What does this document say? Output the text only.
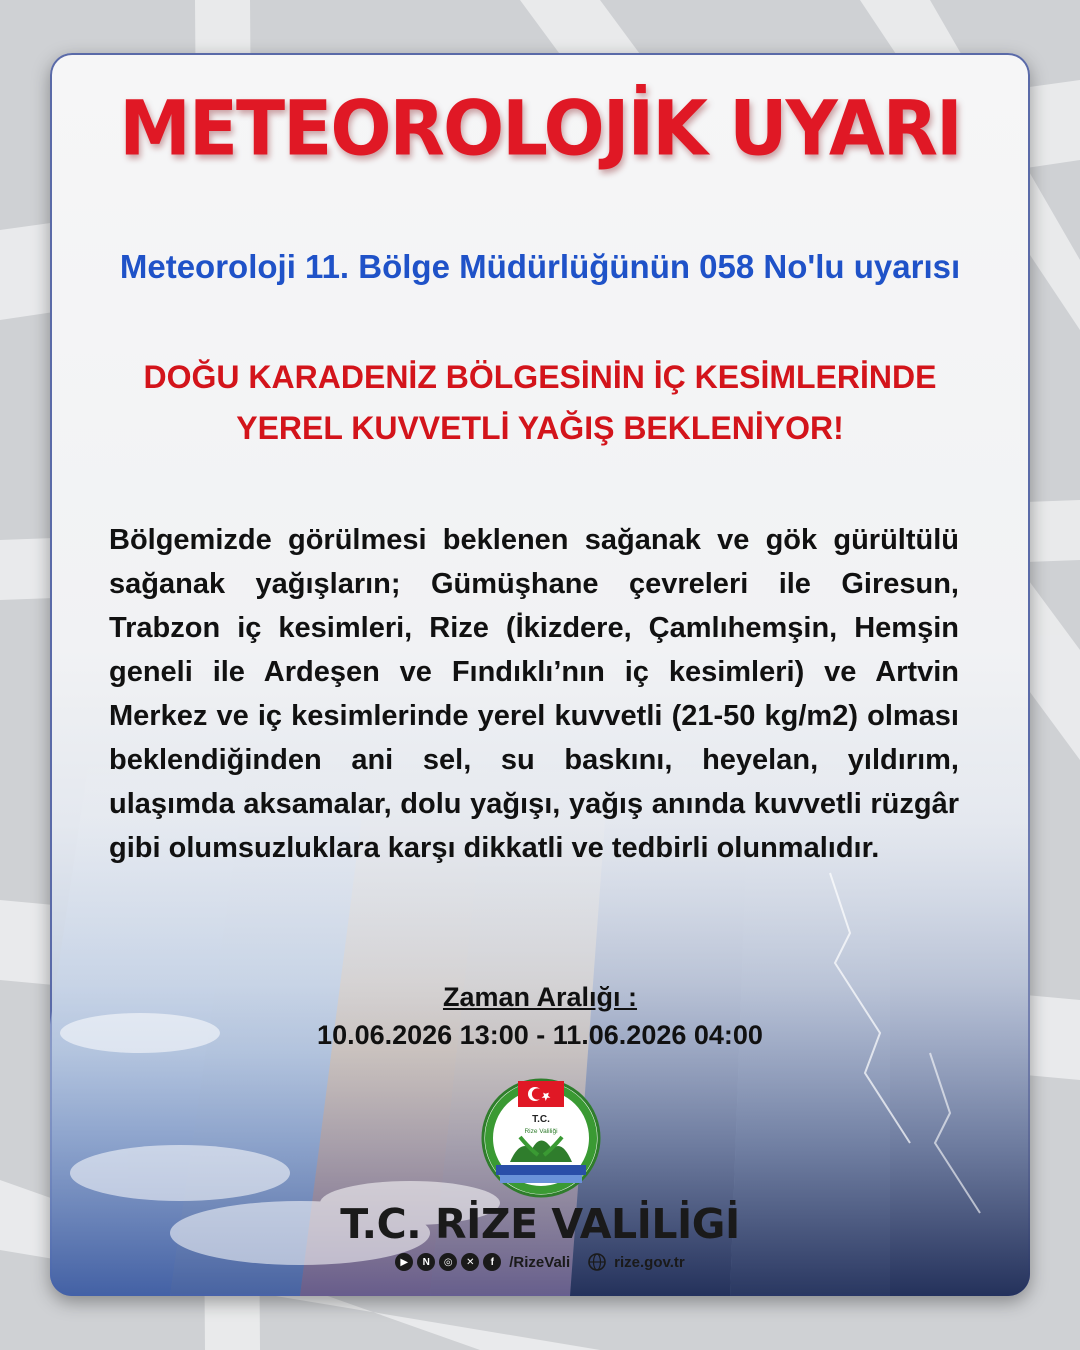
METEOROLOJİK UYARI
Meteoroloji 11. Bölge Müdürlüğünün 058 No'lu uyarısı
DOĞU KARADENİZ BÖLGESİNİN İÇ KESİMLERİNDE
YEREL KUVVETLİ YAĞIŞ BEKLENİYOR!
Bölgemizde görülmesi beklenen sağanak ve gök gürültülü sağanak yağışların; Gümüşhane çevreleri ile Giresun, Trabzon iç kesimleri, Rize (İkizdere, Çamlıhemşin, Hemşin geneli ile Ardeşen ve Fındıklı’nın iç kesimleri) ve Artvin Merkez ve iç kesimlerinde yerel kuvvetli (21-50 kg/m2) olması beklendiğinden ani sel, su baskını, heyelan, yıldırım, ulaşımda aksamalar, dolu yağışı, yağış anında kuvvetli rüzgâr gibi olumsuzluklara karşı dikkatli ve tedbirli olunmalıdır.
Zaman Aralığı :
10.06.2026 13:00 - 11.06.2026 04:00
T.C.
Rize Valiliği
T.C. RİZE VALİLİGİ
▶	N	◎	✕	f	/RizeVali	rize.gov.tr
